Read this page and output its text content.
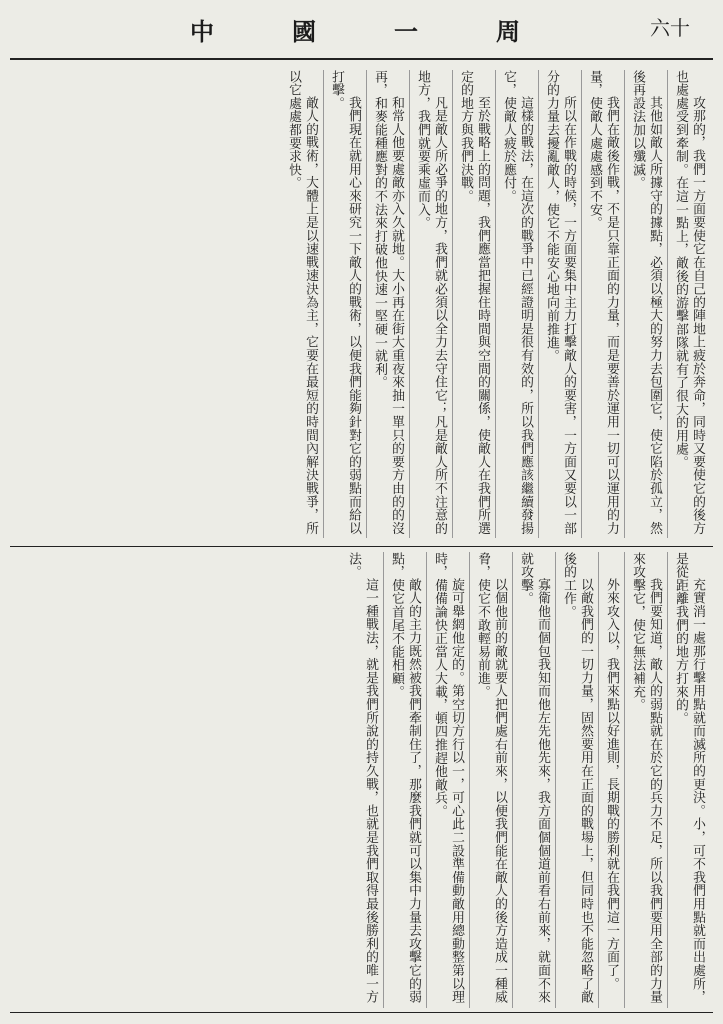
六十
中	國	一	周

攻那的，我們一方面要使它在自己的陣地上疲於奔命，同時又要使它的後方也處處受到牽制。在這一點上，敵後的游擊部隊就有了很大的用處。

其他如敵人所據守的據點，必須以極大的努力去包圍它，使它陷於孤立，然後再設法加以殲滅。

我們在敵後作戰，不是只靠正面的力量，而是要善於運用一切可以運用的力量，使敵人處處感到不安。

所以在作戰的時候，一方面要集中主力打擊敵人的要害，一方面又要以一部分的力量去擾亂敵人，使它不能安心地向前推進。

這樣的戰法，在這次的戰爭中已經證明是很有效的，所以我們應該繼續發揚它，使敵人疲於應付。

至於戰略上的問題，我們應當把握住時間與空間的關係，使敵人在我們所選定的地方與我們決戰。

凡是敵人所必爭的地方，我們就必須以全力去守住它；凡是敵人所不注意的地方，我們就要乘虛而入。

和常人他要處敵亦入久就地。大小再在街大重夜來抽一單只的要方由的的沒再，和麥能種應對的不法來打破他快速一堅硬一就利。

我們現在就用心來研究一下敵人的戰術，以便我們能夠針對它的弱點而給以打擊。

敵人的戰術，大體上是以速戰速決為主，它要在最短的時間內解決戰爭，所以它處處都要求快。

充實消一處那行擊用點就而滅所的更決。小，可不我們用點就而出處所，是從距離我們的地方打來的。

我們要知道，敵人的弱點就在於它的兵力不足，所以我們要用全部的力量來攻擊它，使它無法補充。

外來攻入以，我們來點以好進則，長期戰的勝利就在我們這一方面了。

以敵我們的一切力量，固然要用在正面的戰場上，但同時也不能忽略了敵後的工作。

寡衛他而個包我知而他左先他先來，我方面個個道前看右前來，就面不來就攻擊。

以個他前的敵就要人把們處右前來，以便我們能在敵人的後方造成一種威脅，使它不敢輕易前進。

旋可舉網他定的。第空切方行以一，可心此二設準備動敵用總動整第以理時，備備論快正當人大載，頓四推趕他敵兵。

敵人的主力既然被我們牽制住了，那麼我們就可以集中力量去攻擊它的弱點，使它首尾不能相顧。

這一種戰法，就是我們所說的持久戰，也就是我們取得最後勝利的唯一方法。
